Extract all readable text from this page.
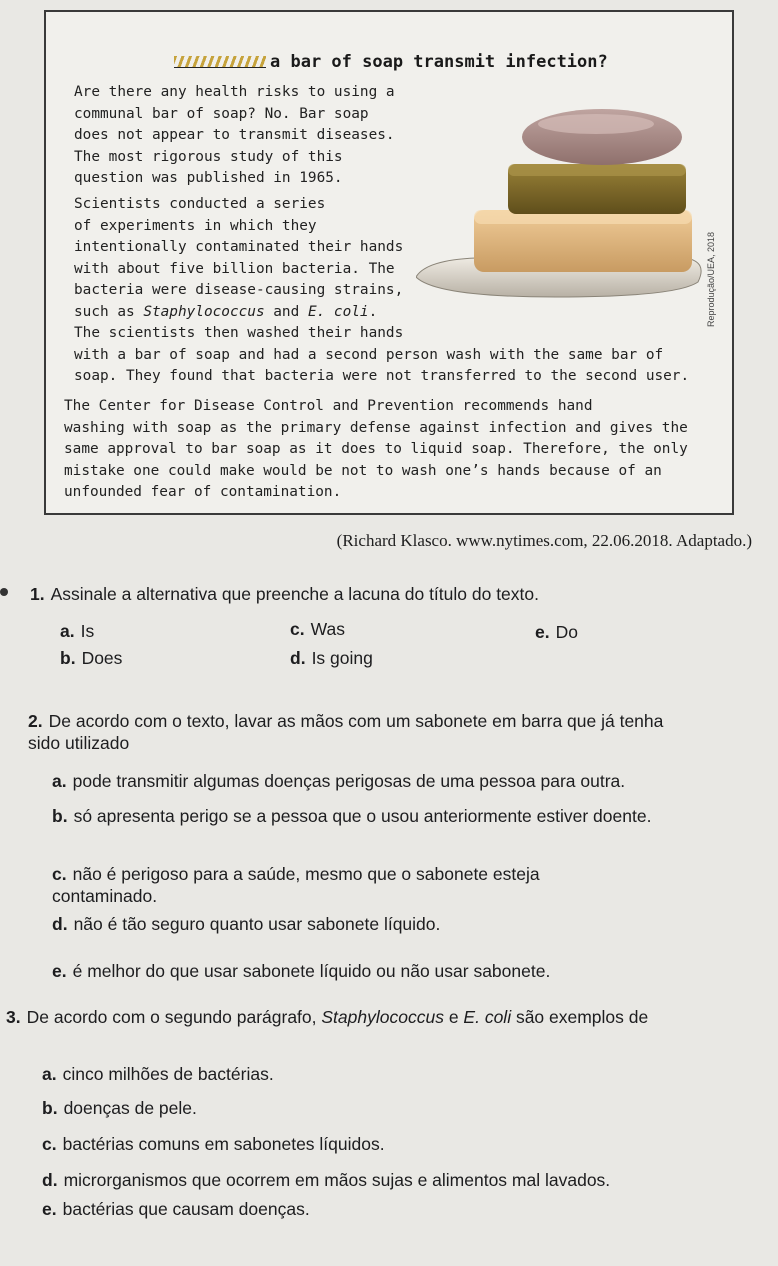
a bar of soap transmit infection?
Are there any health risks to using a
communal bar of soap? No. Bar soap
does not appear to transmit diseases.
The most rigorous study of this
question was published in 1965.
Scientists conducted a series
of experiments in which they
intentionally contaminated their hands
with about five billion bacteria. The
bacteria were disease-causing strains,
such as Staphylococcus and E. coli.
The scientists then washed their hands
with a bar of soap and had a second person wash with the same bar of
soap. They found that bacteria were not transferred to the second user.
The Center for Disease Control and Prevention recommends hand
washing with soap as the primary defense against infection and gives the
same approval to bar soap as it does to liquid soap. Therefore, the only
mistake one could make would be not to wash one’s hands because of an
unfounded fear of contamination.
Reprodução/UEA, 2018
(Richard Klasco. www.nytimes.com, 22.06.2018. Adaptado.)
1. Assinale a alternativa que preenche a lacuna do título do texto.
a. Is
b. Does
c. Was
d. Is going
e. Do
2. De acordo com o texto, lavar as mãos com um sabonete em barra que já tenha sido utilizado
a. pode transmitir algumas doenças perigosas de uma pessoa para outra.
b. só apresenta perigo se a pessoa que o usou anteriormente estiver doente.
c. não é perigoso para a saúde, mesmo que o sabonete esteja contaminado.
d. não é tão seguro quanto usar sabonete líquido.
e. é melhor do que usar sabonete líquido ou não usar sabonete.
3. De acordo com o segundo parágrafo, Staphylococcus e E. coli são exemplos de
a. cinco milhões de bactérias.
b. doenças de pele.
c. bactérias comuns em sabonetes líquidos.
d. microrganismos que ocorrem em mãos sujas e alimentos mal lavados.
e. bactérias que causam doenças.
